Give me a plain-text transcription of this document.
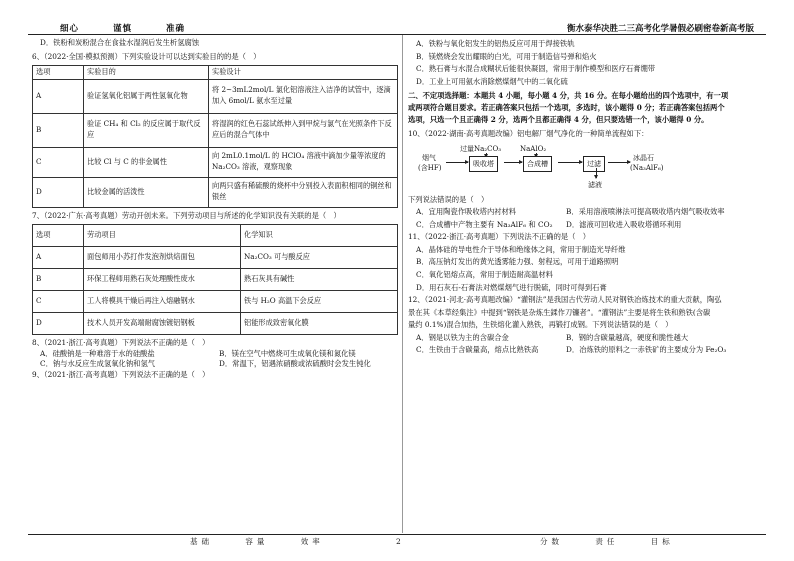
细心	谨慎	准确	衡水泰华决胜二三高考化学暑假必刷密卷新高考版

D．铁粉和炭粉混合在食盐水湿润后发生析氢腐蚀

6、（2022·全国·模拟预测）下列实验设计可以达到实验目的的是（　）

选项	实验目的	实验设计
A	验证氢氧化铝属于两性氢氧化物	将 2~3mL2mol/L 氯化铝溶液注入洁净的试管中，逐滴加入 6mol/L 氨水至过量
B	验证 CH₄ 和 Cl₂ 的反应属于取代反应	将湿润的红色石蕊试纸伸入到甲烷与氯气在光照条件下反应后的混合气体中
C	比较 Cl 与 C 的非金属性	向 2mL0.1mol/L 的 HClO₄ 溶液中滴加少量等浓度的 Na₂CO₃ 溶液，观察现象
D	比较金属的活泼性	向两只盛有稀硫酸的烧杯中分别投入表面积相同的铜丝和银丝

7、（2022·广东·高考真题）劳动开创未来。下列劳动项目与所述的化学知识没有关联的是（　）

选项	劳动项目	化学知识
A	面包师用小苏打作发泡剂烘焙面包	Na₂CO₃ 可与酸反应
B	环保工程师用熟石灰处理酸性废水	熟石灰具有碱性
C	工人将模具干燥后再注入熔融钢水	铁与 H₂O 高温下会反应
D	技术人员开发高端耐腐蚀镀铝钢板	铝能形成致密氧化膜

8、（2021·浙江·高考真题）下列说法不正确的是（　）

A．硅酸钠是一种难溶于水的硅酸盐	B．镁在空气中燃烧可生成氧化镁和氮化镁
C．钠与水反应生成氢氧化钠和氢气	D．常温下，铝遇浓硝酸或浓硫酸时会发生钝化

9、（2021·浙江·高考真题）下列说法不正确的是（　）

A．铁粉与氧化铝发生的铝热反应可用于焊接铁轨

B．镁燃烧会发出耀眼的白光，可用于制造信号弹和焰火

C．熟石膏与水混合成糊状后能很快凝固，常用于制作模型和医疗石膏绷带

D．工业上可用氨水消除燃煤烟气中的二氧化硫

二、不定项选择题：本题共 4 小题，每小题 4 分，共 16 分。在每小题给出的四个选项中，有一项

或两项符合题目要求。若正确答案只包括一个选项，多选时，该小题得 0 分；若正确答案包括两个

选项，只选一个且正确得 2 分，选两个且都正确得 4 分，但只要选错一个，该小题得 0 分。

10、（2022·湖南·高考真题改编）铝电解厂烟气净化的一种简单流程如下：

烟气
(含HF)
过量Na₂CO₃
吸收塔
NaAlO₂
合成槽	过滤
冰晶石
(Na₃AlF₆)
滤液

下列说法错误的是（　）

A．宜用陶瓷作吸收塔内衬材料	B．采用溶液喷淋法可提高吸收塔内烟气吸收效率
C．合成槽中产物主要有 Na₃AlF₆ 和 CO₂	D．滤液可回收进入吸收塔循环利用

11、（2022·浙江·高考真题）下列说法不正确的是（　）

A．晶体硅的导电性介于导体和绝缘体之间，常用于制造光导纤维

B．高压钠灯发出的黄光透雾能力强、射程远，可用于道路照明

C．氧化铝熔点高，常用于制造耐高温材料

D．用石灰石-石膏法对燃煤烟气进行脱硫，同时可得到石膏

12、（2021·河北·高考真题改编）“灌钢法”是我国古代劳动人民对钢铁冶炼技术的重大贡献，陶弘

景在其《本草经集注》中提到“钢铁是杂炼生鍒作刀镰者”。“灌钢法”主要是将生铁和熟铁(含碳

量约 0.1%)混合加热，生铁熔化灌入熟铁，再锻打成钢。下列说法错误的是（　）

A．钢是以铁为主的含碳合金	B．钢的含碳量越高，硬度和脆性越大
C．生铁由于含碳量高，熔点比熟铁高	D．冶炼铁的原料之一赤铁矿的主要成分为 Fe₂O₃
基础	容量	效率	2	分数	责任	目标
